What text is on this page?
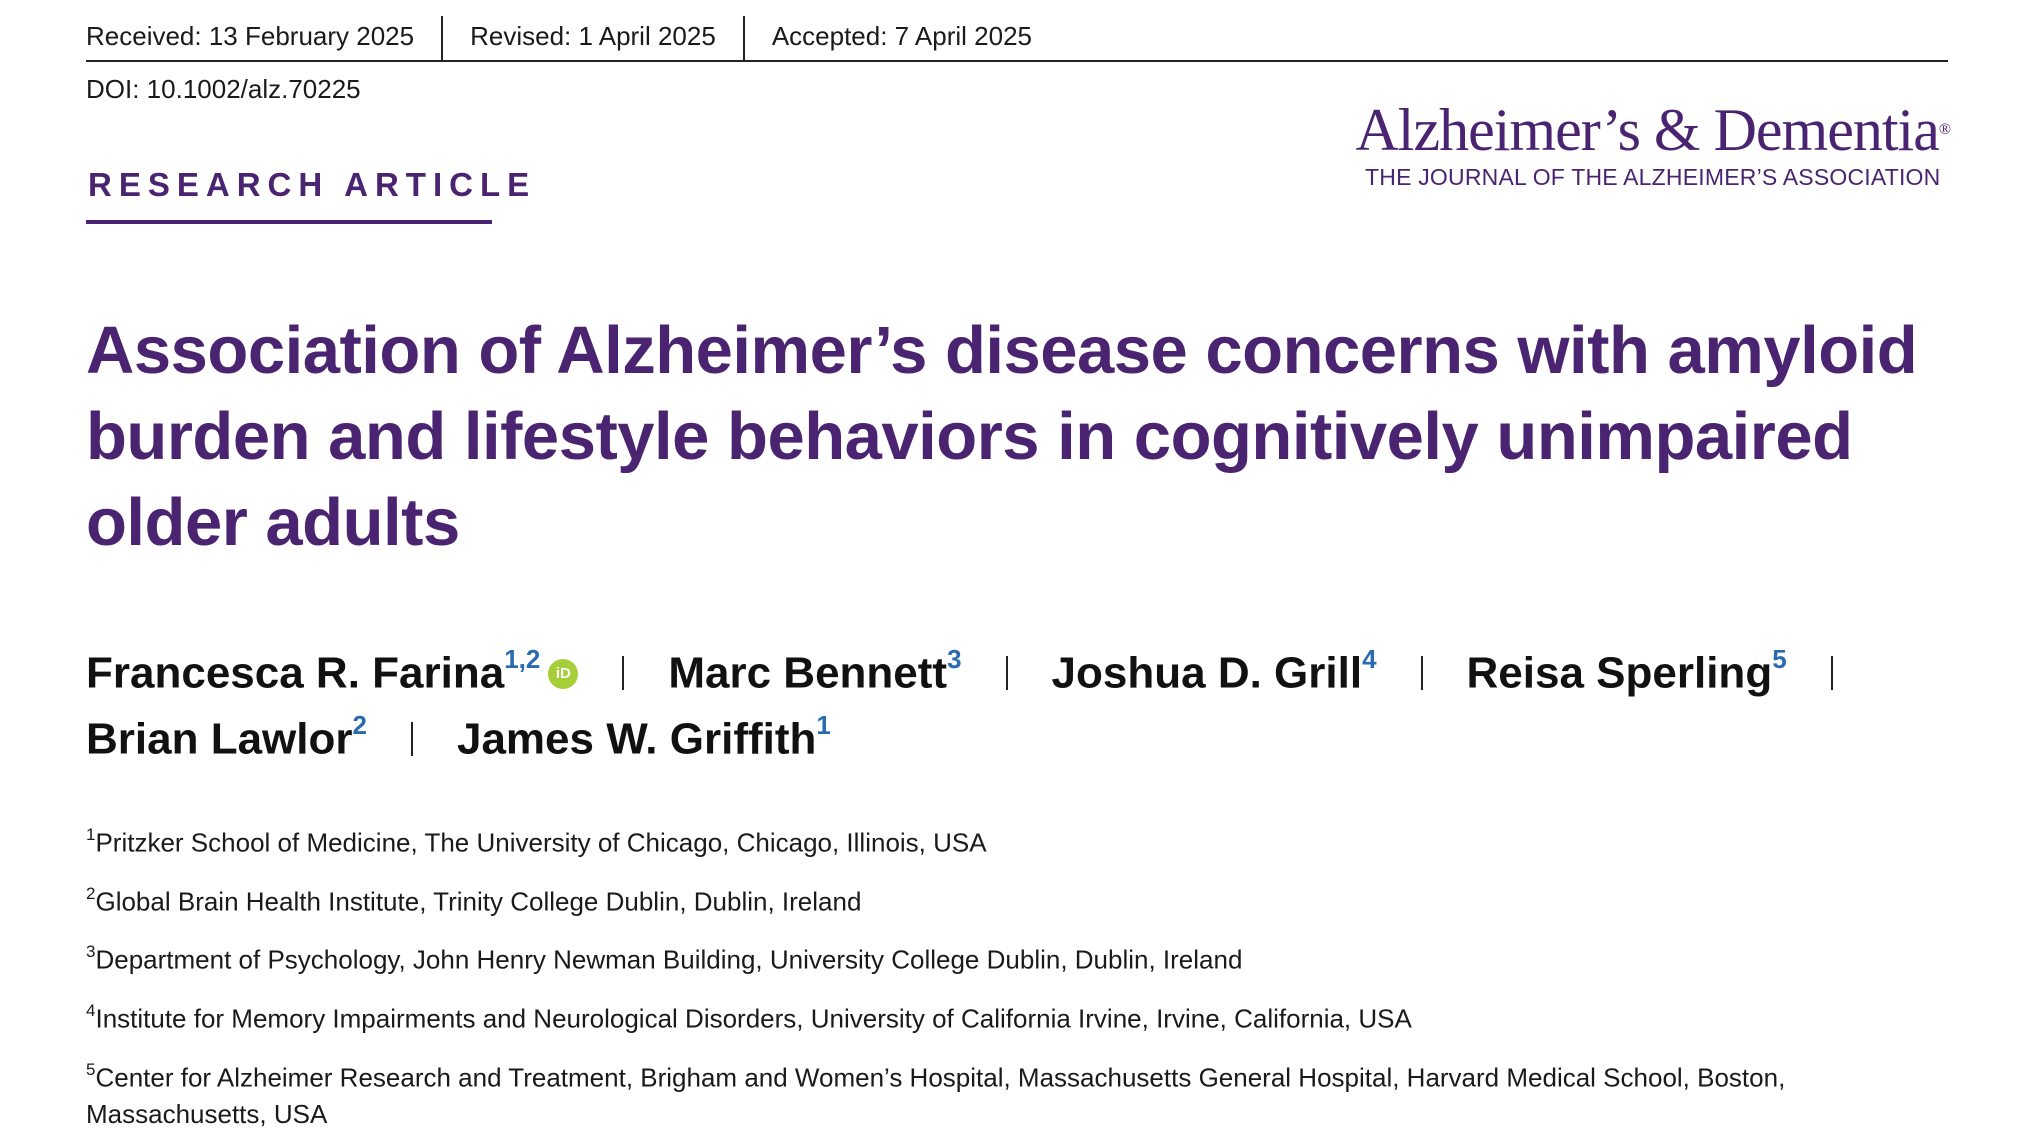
Received: 13 February 2025	Revised: 1 April 2025	Accepted: 7 April 2025
DOI: 10.1002/alz.70225
RESEARCH ARTICLE
Alzheimer’s & Dementia®
THE JOURNAL OF THE ALZHEIMER’S ASSOCIATION
Association of Alzheimer’s disease concerns with amyloid burden and lifestyle behaviors in cognitively unimpaired older adults
Francesca R. Farina$^{1,2}$ iD Marc Bennett$^3$ Joshua D. Grill$^4$ Reisa Sperling$^5$
Brian Lawlor$^2$ James W. Griffith$^1$
$^1$Pritzker School of Medicine, The University of Chicago, Chicago, Illinois, USA
$^2$Global Brain Health Institute, Trinity College Dublin, Dublin, Ireland
$^3$Department of Psychology, John Henry Newman Building, University College Dublin, Dublin, Ireland
$^4$Institute for Memory Impairments and Neurological Disorders, University of California Irvine, Irvine, California, USA
$^5$Center for Alzheimer Research and Treatment, Brigham and Women’s Hospital, Massachusetts General Hospital, Harvard Medical School, Boston, Massachusetts, USA
